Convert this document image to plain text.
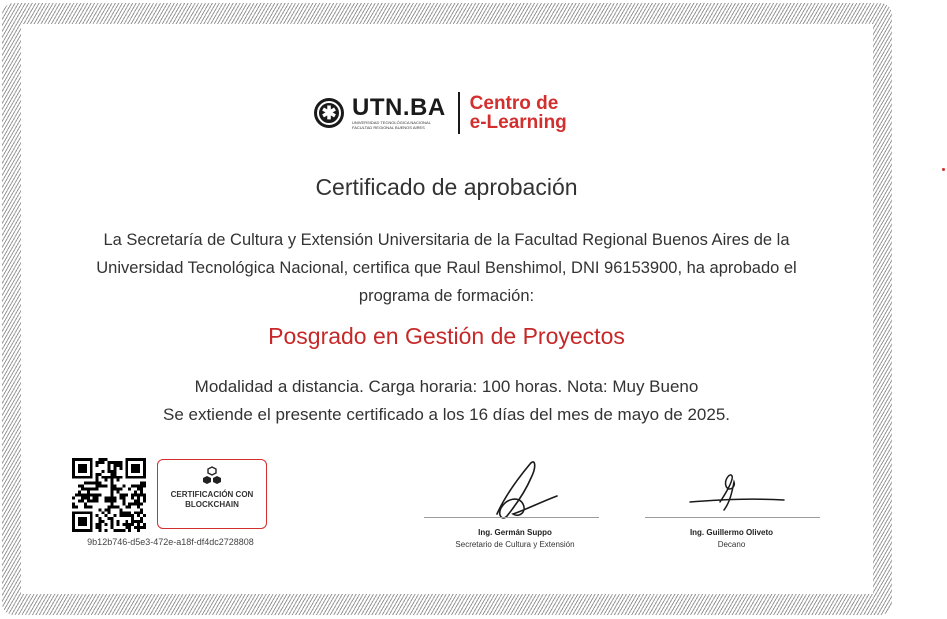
✱ UTN.BA
UNIVERSIDAD TECNOLÓGICA NACIONAL
FACULTAD REGIONAL BUENOS AIRES
Centro de
e-Learning
Certificado de aprobación
La Secretaría de Cultura y Extensión Universitaria de la Facultad Regional Buenos Aires de la
Universidad Tecnológica Nacional, certifica que Raul Benshimol, DNI 96153900, ha aprobado el
programa de formación:
Posgrado en Gestión de Proyectos
Modalidad a distancia. Carga horaria: 100 horas. Nota: Muy Bueno
Se extiende el presente certificado a los 16 días del mes de mayo de 2025.
CERTIFICACIÓN CON
BLOCKCHAIN
9b12b746-d5e3-472e-a18f-df4dc2728808
Ing. Germán Suppo
Secretario de Cultura y Extensión
Ing. Guillermo Oliveto
Decano
